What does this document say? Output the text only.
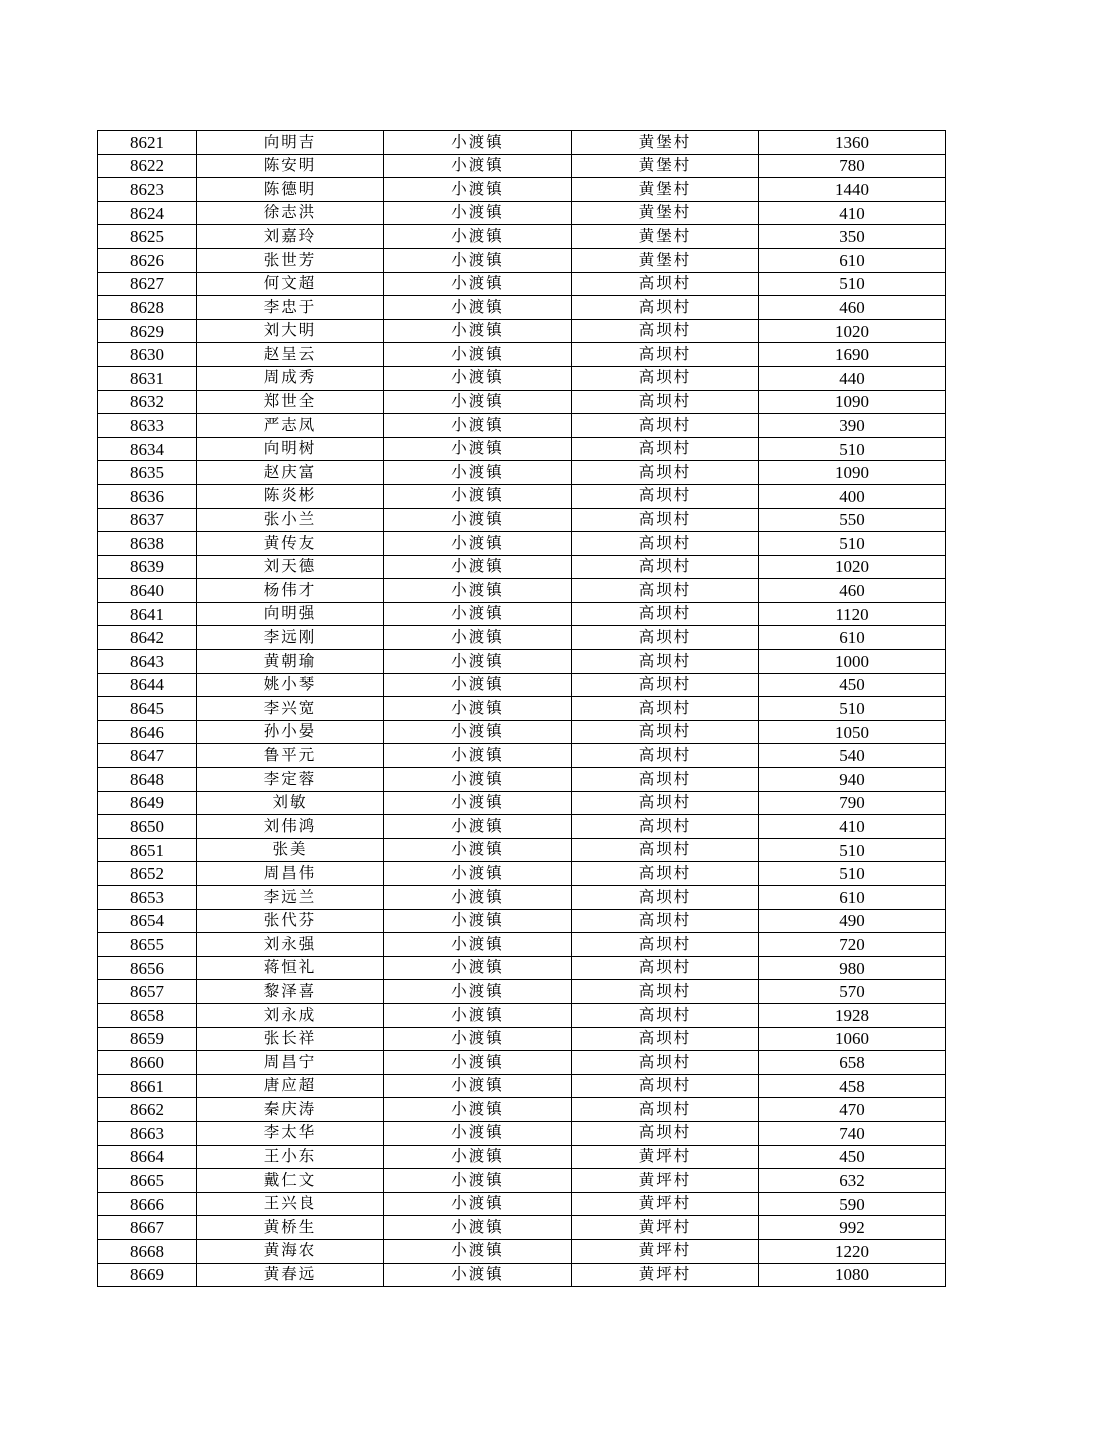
8621	向明吉	小渡镇	黄堡村	1360
8622	陈安明	小渡镇	黄堡村	780
8623	陈德明	小渡镇	黄堡村	1440
8624	徐志洪	小渡镇	黄堡村	410
8625	刘嘉玲	小渡镇	黄堡村	350
8626	张世芳	小渡镇	黄堡村	610
8627	何文超	小渡镇	高坝村	510
8628	李忠于	小渡镇	高坝村	460
8629	刘大明	小渡镇	高坝村	1020
8630	赵呈云	小渡镇	高坝村	1690
8631	周成秀	小渡镇	高坝村	440
8632	郑世全	小渡镇	高坝村	1090
8633	严志凤	小渡镇	高坝村	390
8634	向明树	小渡镇	高坝村	510
8635	赵庆富	小渡镇	高坝村	1090
8636	陈炎彬	小渡镇	高坝村	400
8637	张小兰	小渡镇	高坝村	550
8638	黄传友	小渡镇	高坝村	510
8639	刘天德	小渡镇	高坝村	1020
8640	杨伟才	小渡镇	高坝村	460
8641	向明强	小渡镇	高坝村	1120
8642	李远刚	小渡镇	高坝村	610
8643	黄朝瑜	小渡镇	高坝村	1000
8644	姚小琴	小渡镇	高坝村	450
8645	李兴宽	小渡镇	高坝村	510
8646	孙小晏	小渡镇	高坝村	1050
8647	鲁平元	小渡镇	高坝村	540
8648	李定蓉	小渡镇	高坝村	940
8649	刘敏	小渡镇	高坝村	790
8650	刘伟鸿	小渡镇	高坝村	410
8651	张美	小渡镇	高坝村	510
8652	周昌伟	小渡镇	高坝村	510
8653	李远兰	小渡镇	高坝村	610
8654	张代芬	小渡镇	高坝村	490
8655	刘永强	小渡镇	高坝村	720
8656	蒋恒礼	小渡镇	高坝村	980
8657	黎泽喜	小渡镇	高坝村	570
8658	刘永成	小渡镇	高坝村	1928
8659	张长祥	小渡镇	高坝村	1060
8660	周昌宁	小渡镇	高坝村	658
8661	唐应超	小渡镇	高坝村	458
8662	秦庆涛	小渡镇	高坝村	470
8663	李太华	小渡镇	高坝村	740
8664	王小东	小渡镇	黄坪村	450
8665	戴仁文	小渡镇	黄坪村	632
8666	王兴良	小渡镇	黄坪村	590
8667	黄桥生	小渡镇	黄坪村	992
8668	黄海农	小渡镇	黄坪村	1220
8669	黄春远	小渡镇	黄坪村	1080
